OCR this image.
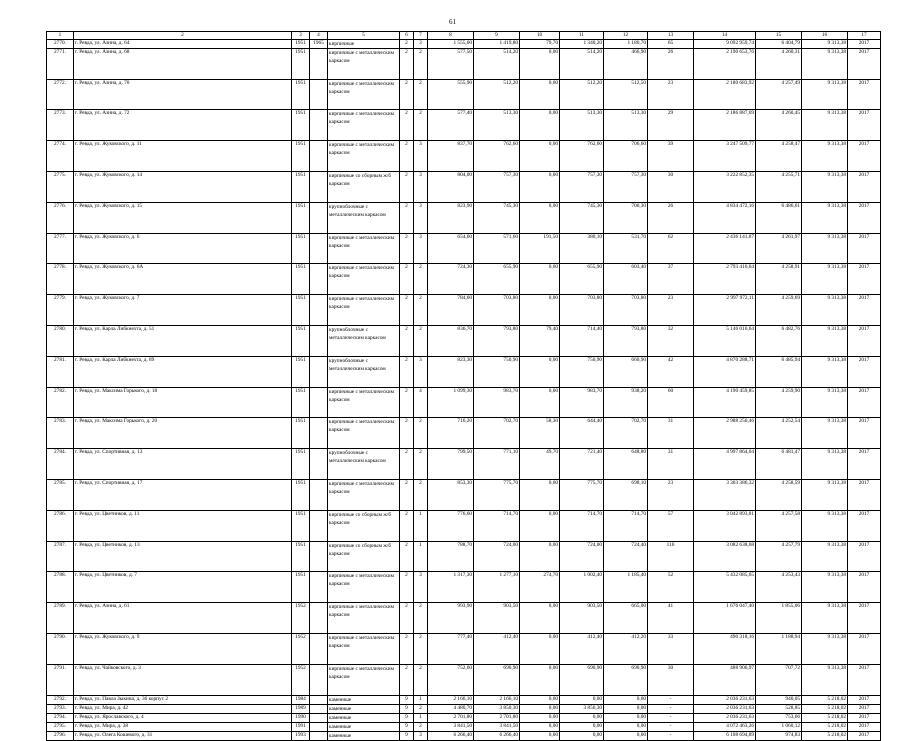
61
1	2	3	4	5	6	7	8	9	10	11	12	13	14	15	16	17
2770.	г. Ревда, ул. Азина, д. 64	1951	1965	кирпичные	2	3	1 555,00	1 419,80	79,70	1 340,20	1 180,70	65	9 092 959,74	6 404,79	9 313,38	2017
2771.	г. Ревда, ул. Азина, д. 68	1951		кирпичные с металлическим каркасом	2	2	577,50	514,20	0,00	514,20	466,90	26	2 190 653,76	4 260,31	9 313,38	2017
2772.	г. Ревда, ул. Азина, д. 70	1951		кирпичные с металлическим каркасом	2	2	555,90	512,20	0,00	512,20	512,50	23	2 180 683,92	4 257,49	9 313,38	2017
2773.	г. Ревда, ул. Азина, д. 72	1951		кирпичные с металлическим каркасом	2	2	577,40	513,30	0,00	513,30	513,30	29	2 186 887,69	4 260,45	9 313,38	2017
2774.	г. Ревда, ул. Жуковского, д. 11	1951		кирпичные с металлическим каркасом	2	3	837,70	762,60	0,00	762,60	706,60	39	3 247 509,77	4 258,47	9 313,38	2017
2775.	г. Ревда, ул. Жуковского, д. 14	1951		кирпичные со сборным ж/б каркасом	2	3	804,00	757,30	0,00	757,30	757,30	30	3 222 852,35	4 255,71	9 313,38	2017
2776.	г. Ревда, ул. Жуковского, д. 15	1951		крупноблочные с металлическим каркасом	2	3	823,90	745,30	0,00	745,30	700,30	26	4 834 472,16	6 486,61	9 313,38	2017
2777.	г. Ревда, ул. Жуковского, д. 6	1951		кирпичные с металлическим каркасом	2	3	654,60	571,60	191,50	380,10	531,70	62	2 436 141,87	4 261,97	9 313,38	2017
2778.	г. Ревда, ул. Жуковского, д. 6А	1951		кирпичные с металлическим каркасом	2	2	724,30	655,90	0,00	655,90	603,40	37	2 793 416,04	4 258,91	9 313,38	2017
2779.	г. Ревда, ул. Жуковского, д. 7	1951		кирпичные с металлическим каркасом	2	2	784,60	703,80	0,00	703,80	703,80	23	2 997 972,11	4 259,69	9 313,38	2017
2780.	г. Ревда, ул. Карла Либкнехта, д. 51	1951		крупноблочные с металлическим каркасом	2	2	836,70	793,80	79,40	714,40	793,80	32	5 146 016,64	6 482,76	9 313,38	2017
2781.	г. Ревда, ул. Карла Либкнехта, д. 89	1951		крупноблочные с металлическим каркасом	2	3	823,30	750,90	0,00	750,90	660,90	42	4 870 288,71	6 485,94	9 313,38	2017
2782.	г. Ревда, ул. Максима Горького, д. 18	1951		кирпичные с металлическим каркасом	2	4	1 099,30	983,70	0,00	983,70	938,20	60	4 190 459,85	4 259,90	9 313,38	2017
2783.	г. Ревда, ул. Максима Горького, д. 20	1951		кирпичные с металлическим каркасом	2	2	716,20	702,70	58,30	644,40	702,70	31	2 988 256,46	4 252,54	9 313,38	2017
2784.	г. Ревда, ул. Спортивная, д. 13	1951		крупноблочные с металлическим каркасом	2	2	799,50	771,10	49,70	721,40	648,80	31	4 997 864,04	6 481,47	9 313,38	2017
2785.	г. Ревда, ул. Спортивная, д. 17	1951		кирпичные с металлическим каркасом	2	2	853,30	775,70	0,00	775,70	698,10	23	3 303 386,32	4 258,59	9 313,38	2017
2786.	г. Ревда, ул. Цветников, д. 11	1951		кирпичные со сборным ж/б каркасом	2	1	776,60	714,70	0,00	714,70	714,70	57	3 042 893,81	4 257,58	9 313,38	2017
2787.	г. Ревда, ул. Цветников, д. 13	1951		кирпичные со сборным ж/б каркасом	2	1	788,70	724,00	0,00	724,00	724,40	116	3 082 638,68	4 257,79	9 313,38	2017
2788.	г. Ревда, ул. Цветников, д. 7	1951		кирпичные с металлическим каркасом	2	3	1 317,30	1 277,10	274,70	1 002,40	1 185,40	52	5 432 085,65	4 253,43	9 313,38	2017
2789.	г. Ревда, ул. Азина, д. 61	1952		кирпичные с металлическим каркасом	2	2	993,90	903,50	0,00	903,50	665,00	41	1 676 047,40	1 855,06	9 313,38	2017
2790.	г. Ревда, ул. Жуковского, д. 9	1952		кирпичные с металлическим каркасом	2	2	777,40	412,40	0,00	412,40	412,20	33	490 318,16	1 188,94	9 313,38	2017
2791.	г. Ревда, ул. Чайковского, д. 3	1952		кирпичные с металлическим каркасом	2	2	752,60	690,90	0,00	690,90	690,90	30	488 906,97	707,72	9 313,38	2017
2792.	г. Ревда, ул. Павла Зыкина, д. 36 корпус 2	1984		каменные	9	1	2 166,10	2 166,10	0,00	0,00	0,00	-	2 036 231,63	940,05	5 218,02	2017
2793.	г. Ревда, ул. Мира, д. 42	1989		каменные	9	2	4 480,70	3 850,30	0,00	3 850,30	0,00	-	2 036 231,63	528,85	5 218,02	2017
2794.	г. Ревда, ул. Ярославского, д. 4	1990		каменные	9	1	2 701,80	2 701,80	0,00	0,00	0,00	-	2 036 231,63	753,66	5 218,02	2017
2795.	г. Ревда, ул. Мира, д. 38	1991		каменные	9	2	3 841,50	3 841,50	0,00	0,00	0,00	-	4 072 463,26	1 060,12	5 218,02	2017
2796.	г. Ревда, ул. Олега Кошевого, д. 31	1993		каменные	9	3	6 266,40	6 266,40	0,00	0,00	0,00	-	6 108 694,89	974,83	5 218,02	2017
